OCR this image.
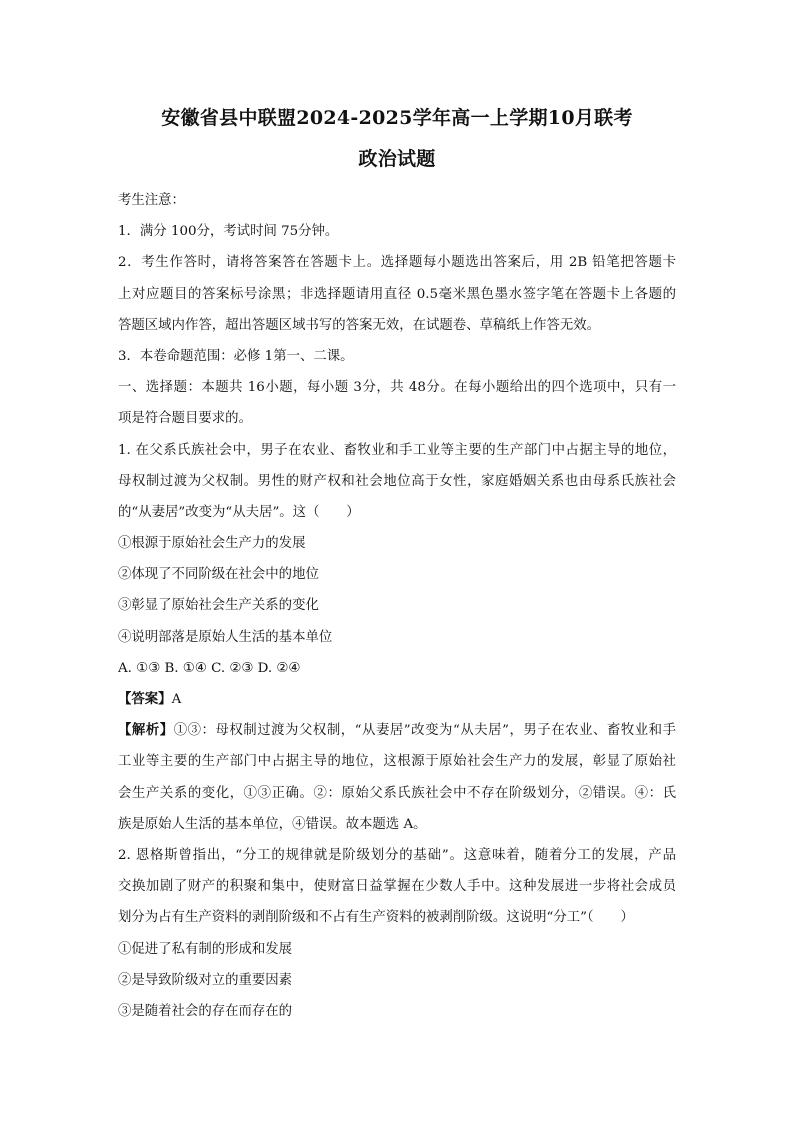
安徽省县中联盟2024-2025学年高一上学期10月联考
政治试题
考生注意：
1．满分 100分，考试时间 75分钟。
2．考生作答时，请将答案答在答题卡上。选择题每小题选出答案后，用 2B 铅笔把答题卡
上对应题目的答案标号涂黑；非选择题请用直径 0.5毫米黑色墨水签字笔在答题卡上各题的
答题区域内作答，超出答题区域书写的答案无效，在试题卷、草稿纸上作答无效。
3．本卷命题范围：必修 1第一、二课。
一、选择题：本题共 16小题，每小题 3分，共 48分。在每小题给出的四个选项中，只有一
项是符合题目要求的。
1. 在父系氏族社会中，男子在农业、畜牧业和手工业等主要的生产部门中占据主导的地位，
母权制过渡为父权制。男性的财产权和社会地位高于女性，家庭婚姻关系也由母系氏族社会
的“从妻居”改变为“从夫居”。这（　　）
①根源于原始社会生产力的发展
②体现了不同阶级在社会中的地位
③彰显了原始社会生产关系的变化
④说明部落是原始人生活的基本单位
A. ①③ B. ①④ C. ②③ D. ②④
【答案】A
【解析】①③：母权制过渡为父权制，“从妻居”改变为“从夫居”，男子在农业、畜牧业和手
工业等主要的生产部门中占据主导的地位，这根源于原始社会生产力的发展，彰显了原始社
会生产关系的变化，①③正确。②：原始父系氏族社会中不存在阶级划分，②错误。④：氏
族是原始人生活的基本单位，④错误。故本题选 A。
2. 恩格斯曾指出，“分工的规律就是阶级划分的基础”。这意味着，随着分工的发展，产品
交换加剧了财产的积聚和集中，使财富日益掌握在少数人手中。这种发展进一步将社会成员
划分为占有生产资料的剥削阶级和不占有生产资料的被剥削阶级。这说明“分工”（　　）
①促进了私有制的形成和发展
②是导致阶级对立的重要因素
③是随着社会的存在而存在的
